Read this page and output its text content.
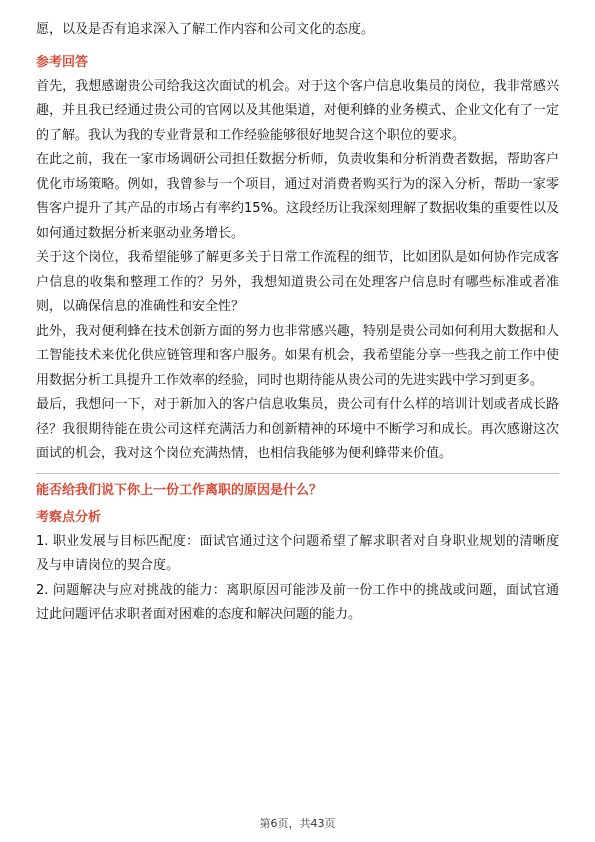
愿，以及是否有追求深入了解工作内容和公司文化的态度。

参考回答

首先，我想感谢贵公司给我这次面试的机会。对于这个客户信息收集员的岗位，我非常感兴趣，并且我已经通过贵公司的官网以及其他渠道，对便利蜂的业务模式、企业文化有了一定的了解。我认为我的专业背景和工作经验能够很好地契合这个职位的要求。

在此之前，我在一家市场调研公司担任数据分析师，负责收集和分析消费者数据，帮助客户优化市场策略。例如，我曾参与一个项目，通过对消费者购买行为的深入分析，帮助一家零售客户提升了其产品的市场占有率约15%。这段经历让我深刻理解了数据收集的重要性以及如何通过数据分析来驱动业务增长。

关于这个岗位，我希望能够了解更多关于日常工作流程的细节，比如团队是如何协作完成客户信息的收集和整理工作的？另外，我想知道贵公司在处理客户信息时有哪些标准或者准则，以确保信息的准确性和安全性？

此外，我对便利蜂在技术创新方面的努力也非常感兴趣，特别是贵公司如何利用大数据和人工智能技术来优化供应链管理和客户服务。如果有机会，我希望能分享一些我之前工作中使用数据分析工具提升工作效率的经验，同时也期待能从贵公司的先进实践中学习到更多。

最后，我想问一下，对于新加入的客户信息收集员，贵公司有什么样的培训计划或者成长路径？我很期待能在贵公司这样充满活力和创新精神的环境中不断学习和成长。再次感谢这次面试的机会，我对这个岗位充满热情，也相信我能够为便利蜂带来价值。

能否给我们说下你上一份工作离职的原因是什么？

考察点分析

1. 职业发展与目标匹配度：面试官通过这个问题希望了解求职者对自身职业规划的清晰度及与申请岗位的契合度。

2. 问题解决与应对挑战的能力：离职原因可能涉及前一份工作中的挑战或问题，面试官通过此问题评估求职者面对困难的态度和解决问题的能力。

第6页，共43页
